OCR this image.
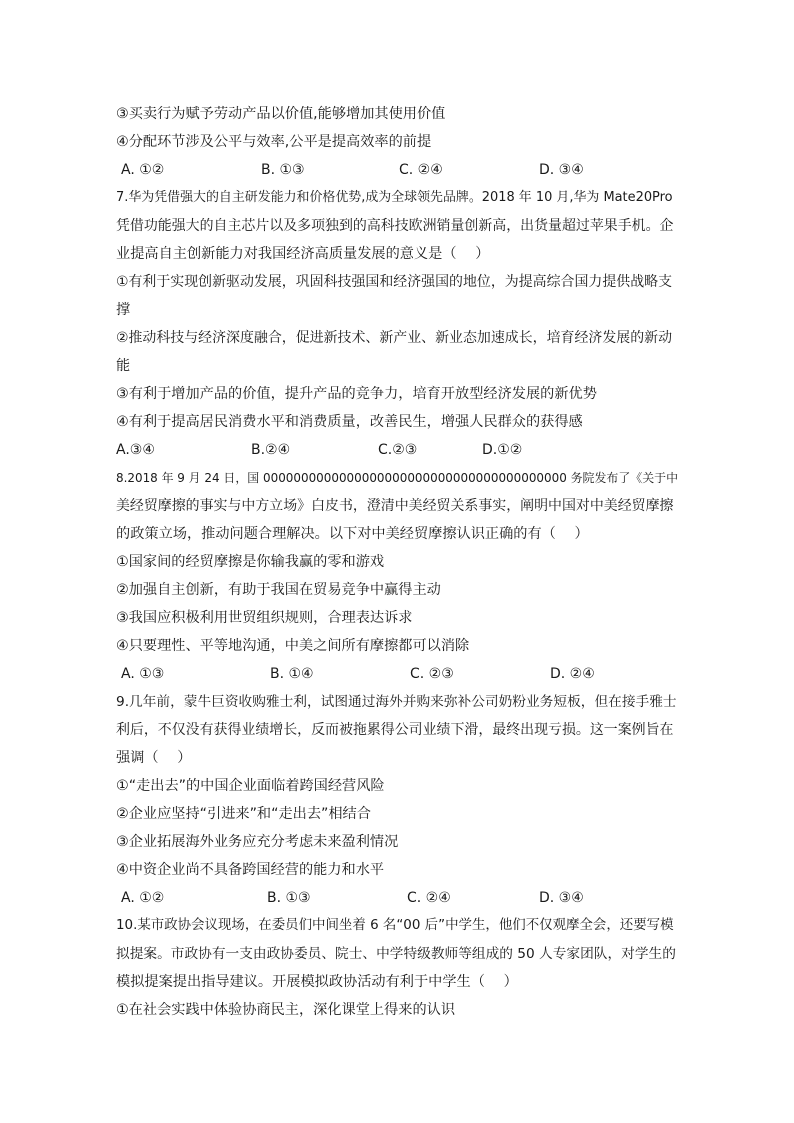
③买卖行为赋予劳动产品以价值,能够增加其使用价值
④分配环节涉及公平与效率,公平是提高效率的前提
A. ①②	B. ①③	C. ②④	D. ③④
7.华为凭借强大的自主研发能力和价格优势,成为全球领先品牌。2018 年 10 月,华为 Mate20Pro
凭借功能强大的自主芯片以及多项独到的高科技欧洲销量创新高，出货量超过苹果手机。企
业提高自主创新能力对我国经济高质量发展的意义是（　 ）
①有利于实现创新驱动发展，巩固科技强国和经济强国的地位，为提高综合国力提供战略支
撑
②推动科技与经济深度融合，促进新技术、新产业、新业态加速成长，培育经济发展的新动
能
③有利于增加产品的价值，提升产品的竞争力，培育开放型经济发展的新优势
④有利于提高居民消费水平和消费质量，改善民生，增强人民群众的获得感
A.③④	B.②④	C.②③	D.①②
8.2018 年 9 月 24 日，国 0000000000000000000000000000000000000000 务院发布了《关于中
美经贸摩擦的事实与中方立场》白皮书，澄清中美经贸关系事实，阐明中国对中美经贸摩擦
的政策立场，推动问题合理解决。以下对中美经贸摩擦认识正确的有（　 ）
①国家间的经贸摩擦是你输我赢的零和游戏
②加强自主创新，有助于我国在贸易竞争中赢得主动
③我国应积极利用世贸组织规则，合理表达诉求
④只要理性、平等地沟通，中美之间所有摩擦都可以消除
A. ①③	B. ①④	C. ②③	D. ②④
9.几年前，蒙牛巨资收购雅士利，试图通过海外并购来弥补公司奶粉业务短板，但在接手雅士
利后，不仅没有获得业绩增长，反而被拖累得公司业绩下滑，最终出现亏损。这一案例旨在
强调（　 ）
①“走出去”的中国企业面临着跨国经营风险
②企业应坚持“引进来”和“走出去”相结合
③企业拓展海外业务应充分考虑未来盈利情况
④中资企业尚不具备跨国经营的能力和水平
A. ①②	B. ①③	C. ②④	D. ③④
10.某市政协会议现场，在委员们中间坐着 6 名“00 后”中学生，他们不仅观摩全会，还要写模
拟提案。市政协有一支由政协委员、院士、中学特级教师等组成的 50 人专家团队，对学生的
模拟提案提出指导建议。开展模拟政协活动有利于中学生（　 ）
①在社会实践中体验协商民主，深化课堂上得来的认识
